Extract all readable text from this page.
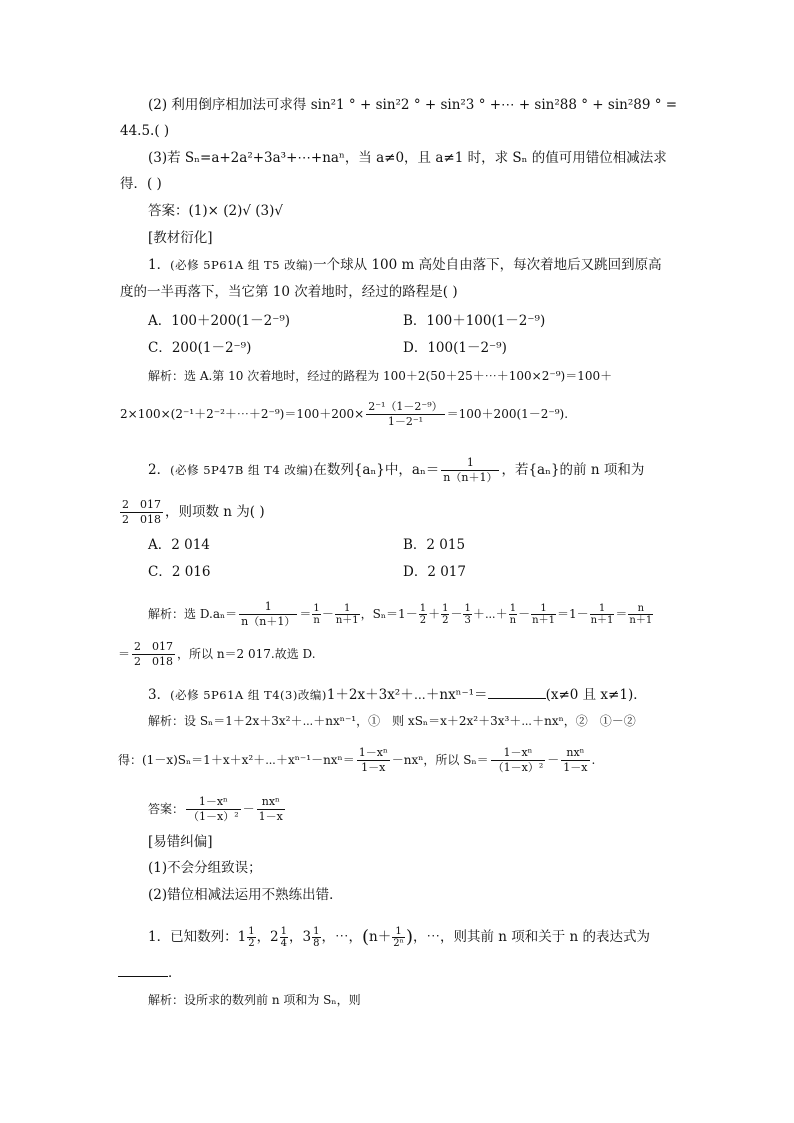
(2) 利用倒序相加法可求得 sin²1 ° + sin²2 ° + sin²3 ° +⋯ + sin²88 ° + sin²89 ° =
44.5.( )
(3)若 Sₙ=a+2a²+3a³+⋯+naⁿ，当 a≠0，且 a≠1 时，求 Sₙ 的值可用错位相减法求
得．( )
答案：(1)× (2)√ (3)√
[教材衍化]
1．(必修 5P61A 组 T5 改编)一个球从 100 m 高处自由落下，每次着地后又跳回到原高
度的一半再落下，当它第 10 次着地时，经过的路程是( )
A．100＋200(1－2⁻⁹)	B．100＋100(1－2⁻⁹)
C．200(1－2⁻⁹)	D．100(1－2⁻⁹)
解析：选 A.第 10 次着地时，经过的路程为 100＋2(50＋25＋⋯＋100×2⁻⁹)＝100＋
2×100×(2⁻¹＋2⁻²＋⋯＋2⁻⁹)＝100＋200× $\frac{\text{2⁻¹（1－2⁻⁹）}}{\text{1－2⁻¹}} =100+200(1-2^{-9})$.
2．(必修 5P47B 组 T4 改编)在数列{aₙ}中，$a_n= \frac{1}{n(n+1)}$ ，若{aₙ}的前 n 项和为
$\frac{2 017}{2 018}$ ，则项数 n 为( )
A．2 014	B．2 015
C．2 016	D．2 017
解析：选 $D.a_n= \frac{1}{n(n+1)} = \frac{1}{n} - \frac{1}{n+1}$ ，$S_n=1- \frac{1}{2} + \frac{1}{2} - \frac{1}{3}$ ＋⋯＋ $\frac{1}{n} - \frac{1}{n+1} =1- \frac{1}{n+1} = \frac{n}{n+1}$
＝ $\frac{2 017}{2 018}$ ，所以 n＝2 017.故选 D.
3．(必修 5P61A 组 T4(3)改编)1＋2x＋3x²＋⋯＋nxⁿ⁻¹＝	(x≠0 且 x≠1)．
解析：设 Sₙ＝1＋2x＋3x²＋⋯＋nxⁿ⁻¹，①　则 xSₙ＝x＋2x²＋3x³＋⋯＋nxⁿ，②　①－②
得：(1－x)Sₙ＝1＋x＋x²＋⋯＋xⁿ⁻¹－nxⁿ＝ $\frac{\text{1－xⁿ}}{1-x} -nx^n$，所以 $S_n= \frac{\text{1－xⁿ}}{\text{（1－x）²}} - \frac{\text{nxⁿ}}{1-x}$ .
答案： $\frac{\text{1－xⁿ}}{\text{（1－x）²}} - \frac{\text{nxⁿ}}{1-x}$
[易错纠偏]
(1)不会分组致误；
(2)错位相减法运用不熟练出错．
1．已知数列：$1 \frac{1}{2}$ ，$2 \frac{1}{4}$ ，$3 \frac{1}{8}$ ，⋯，($n+ \frac{1}{\text{2ⁿ}}$ )，⋯，则其前 n 项和关于 n 的表达式为
．
解析：设所求的数列前 n 项和为 Sₙ，则
